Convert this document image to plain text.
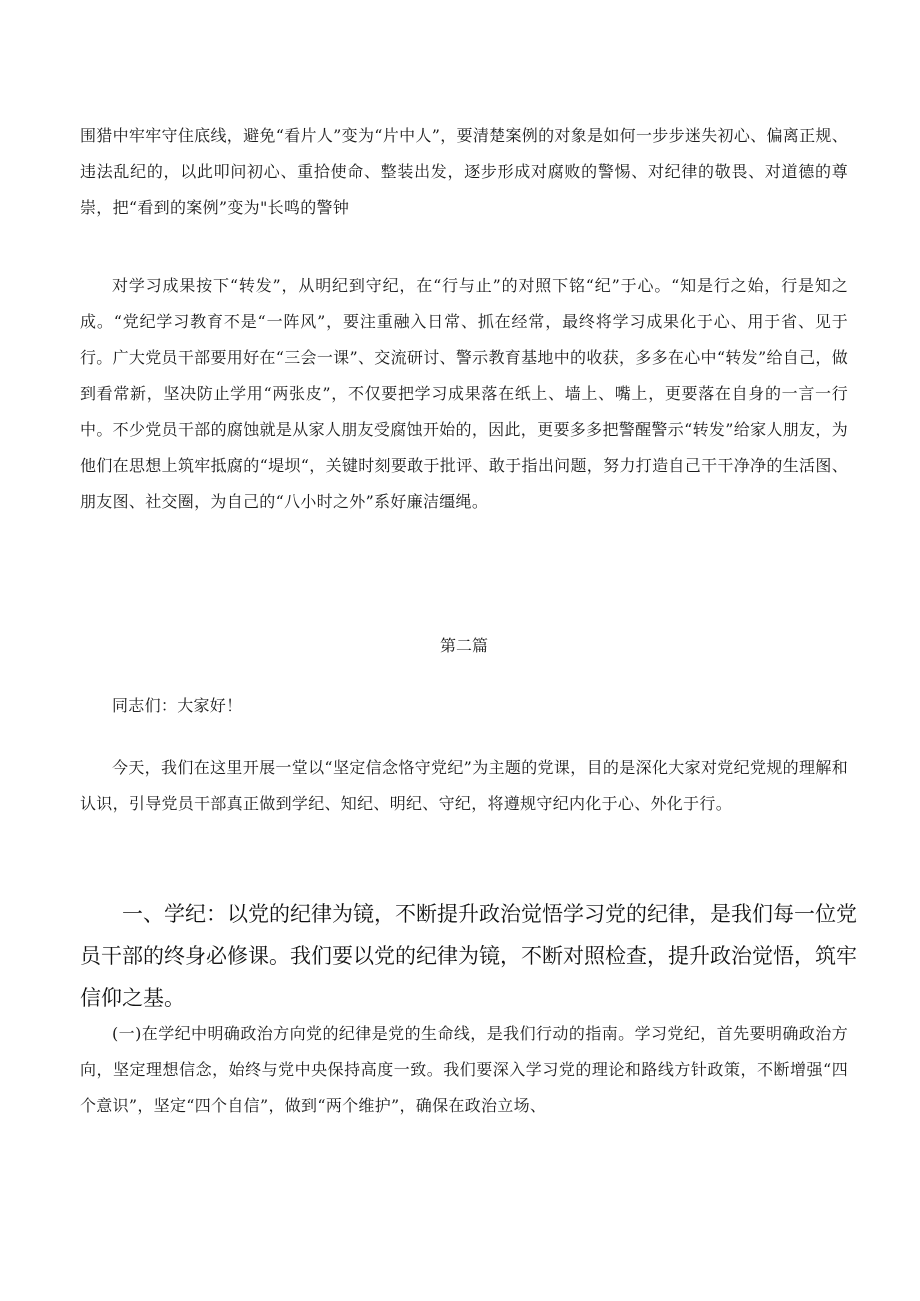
围猎中牢牢守住底线，避免“看片人”变为“片中人”，要清楚案例的对象是如何一步步迷失初心、偏离正规、违法乱纪的，以此叩问初心、重拾使命、整装出发，逐步形成对腐败的警惕、对纪律的敬畏、对道德的尊崇，把“看到的案例”变为"长鸣的警钟

对学习成果按下“转发”，从明纪到守纪，在“行与止”的对照下铭“纪”于心。“知是行之始，行是知之成。“党纪学习教育不是“一阵风”，要注重融入日常、抓在经常，最终将学习成果化于心、用于省、见于行。广大党员干部要用好在“三会一课”、交流研讨、警示教育基地中的收获，多多在心中“转发”给自己，做到看常新，坚决防止学用“两张皮”，不仅要把学习成果落在纸上、墙上、嘴上，更要落在自身的一言一行中。不少党员干部的腐蚀就是从家人朋友受腐蚀开始的，因此，更要多多把警醒警示“转发”给家人朋友，为他们在思想上筑牢抵腐的“堤坝“，关键时刻要敢于批评、敢于指出问题，努力打造自己干干净净的生活图、朋友图、社交圈，为自己的“八小时之外”系好廉洁缰绳。

第二篇

同志们：大家好！

今天，我们在这里开展一堂以“坚定信念恪守党纪”为主题的党课，目的是深化大家对党纪党规的理解和认识，引导党员干部真正做到学纪、知纪、明纪、守纪，将遵规守纪内化于心、外化于行。

一、学纪：以党的纪律为镜，不断提升政治觉悟学习党的纪律，是我们每一位党员干部的终身必修课。我们要以党的纪律为镜，不断对照检查，提升政治觉悟，筑牢信仰之基。

(一)在学纪中明确政治方向党的纪律是党的生命线，是我们行动的指南。学习党纪，首先要明确政治方向，坚定理想信念，始终与党中央保持高度一致。我们要深入学习党的理论和路线方针政策，不断增强“四个意识”，坚定“四个自信”，做到“两个维护”，确保在政治立场、
